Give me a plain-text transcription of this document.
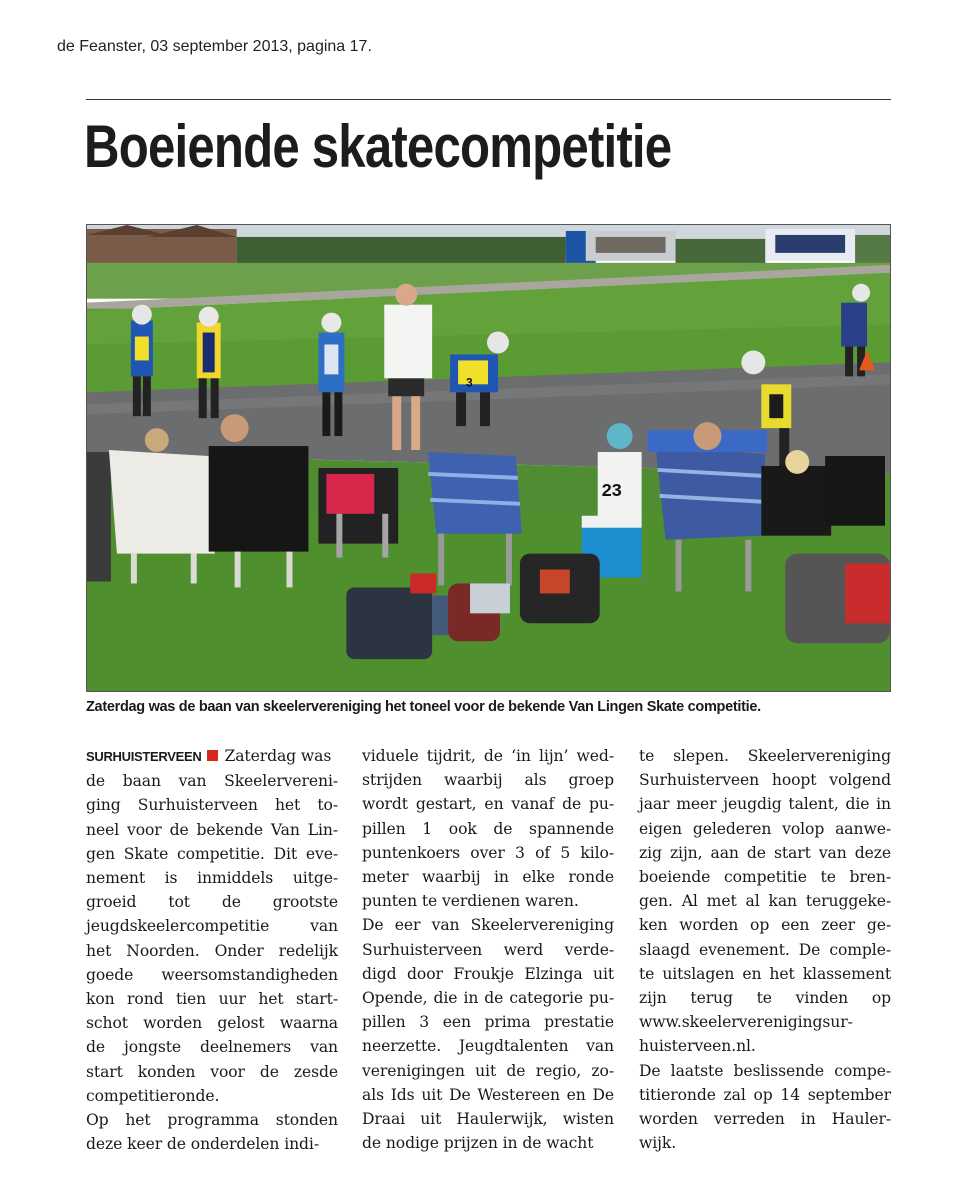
de Feanster, 03 september 2013, pagina 17.
Boeiende skatecompetitie
23
3
Zaterdag was de baan van skeelervereniging het toneel voor de bekende Van Lingen Skate competitie.

SURHUISTERVEEN Zaterdag was

de baan van Skeelervereni-
ging Surhuisterveen het to-
neel voor de bekende Van Lin-
gen Skate competitie. Dit eve-
nement is inmiddels uitge-
groeid tot de grootste
jeugdskeelercompetitie van
het Noorden. Onder redelijk
goede weersomstandigheden
kon rond tien uur het start-
schot worden gelost waarna
de jongste deelnemers van
start konden voor de zesde
competitieronde.
Op het programma stonden
deze keer de onderdelen indi-
viduele tijdrit, de ‘in lijn’ wed-
strijden waarbij als groep
wordt gestart, en vanaf de pu-
pillen 1 ook de spannende
puntenkoers over 3 of 5 kilo-
meter waarbij in elke ronde
punten te verdienen waren.
De eer van Skeelervereniging
Surhuisterveen werd verde-
digd door Froukje Elzinga uit
Opende, die in de categorie pu-
pillen 3 een prima prestatie
neerzette. Jeugdtalenten van
verenigingen uit de regio, zo-
als Ids uit De Westereen en De
Draai uit Haulerwijk, wisten
de nodige prijzen in de wacht
te slepen. Skeelervereniging
Surhuisterveen hoopt volgend
jaar meer jeugdig talent, die in
eigen gelederen volop aanwe-
zig zijn, aan de start van deze
boeiende competitie te bren-
gen. Al met al kan teruggeke-
ken worden op een zeer ge-
slaagd evenement. De comple-
te uitslagen en het klassement
zijn terug te vinden op
www.skeelerverenigingsur-
huisterveen.nl.
De laatste beslissende compe-
titieronde zal op 14 september
worden verreden in Hauler-
wijk.
